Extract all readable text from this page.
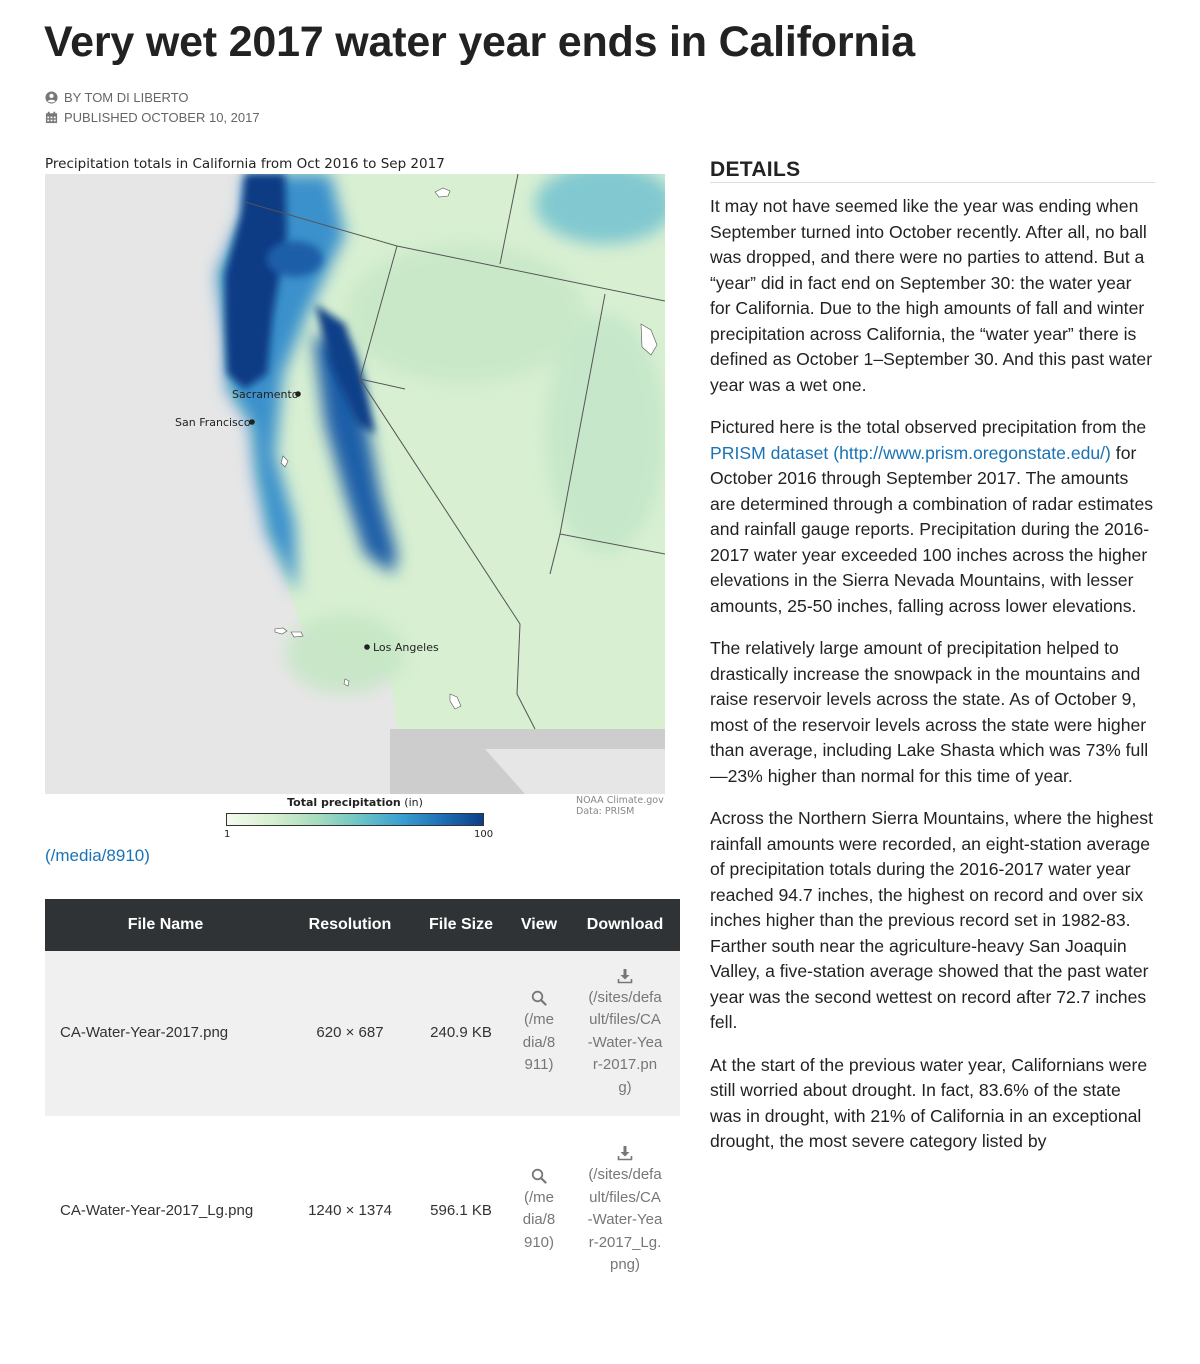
Very wet 2017 water year ends in California
BY TOM DI LIBERTO
PUBLISHED OCTOBER 10, 2017
Precipitation totals in California from Oct 2016 to Sep 2017
Sacramento
San Francisco
Los Angeles
Total precipitation (in)
1	100
NOAA Climate.gov
Data: PRISM
(/media/8910)
File Name	Resolution	File Size	View	Download
CA-Water-Year-2017.png	620 × 687	240.9 KB	(/media/8911)	(/sites/default/files/CA-Water-Year-2017.png)

CA-Water-Year-2017_Lg.png	1240 × 1374	596.1 KB	(/media/8910)	(/sites/default/files/CA-Water-Year-2017_Lg.png)
DETAILS

It may not have seemed like the year was ending when September turned into October recently. After all, no ball was dropped, and there were no parties to attend. But a “year” did in fact end on September 30: the water year for California. Due to the high amounts of fall and winter precipitation across California, the “water year” there is defined as October 1–September 30. And this past water year was a wet one.

Pictured here is the total observed precipitation from the PRISM dataset (http://www.prism.oregonstate.edu/) for October 2016 through September 2017. The amounts are determined through a combination of radar estimates and rainfall gauge reports. Precipitation during the 2016-2017 water year exceeded 100 inches across the higher elevations in the Sierra Nevada Mountains, with lesser amounts, 25-50 inches, falling across lower elevations.

The relatively large amount of precipitation helped to drastically increase the snowpack in the mountains and raise reservoir levels across the state. As of October 9, most of the reservoir levels across the state were higher than average, including Lake Shasta which was 73% full—23% higher than normal for this time of year.

Across the Northern Sierra Mountains, where the highest rainfall amounts were recorded, an eight-station average of precipitation totals during the 2016-2017 water year reached 94.7 inches, the highest on record and over six inches higher than the previous record set in 1982-83. Farther south near the agriculture-heavy San Joaquin Valley, a five-station average showed that the past water year was the second wettest on record after 72.7 inches fell.

At the start of the previous water year, Californians were still worried about drought. In fact, 83.6% of the state was in drought, with 21% of California in an exceptional drought, the most severe category listed by
